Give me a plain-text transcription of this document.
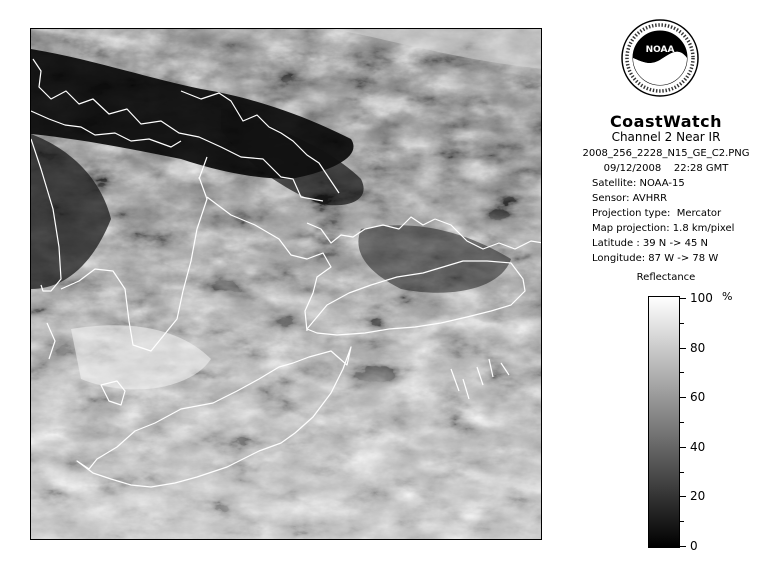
NOAA
CoastWatch
Channel 2 Near IR
2008_256_2228_N15_GE_C2.PNG
09/12/2008    22:28 GMT
Satellite: NOAA-15
Sensor: AVHRR
Projection type:  Mercator
Map projection: 1.8 km/pixel
Latitude : 39 N -> 45 N
Longitude: 87 W -> 78 W
Reflectance
%
100
80
60
40
20
0
